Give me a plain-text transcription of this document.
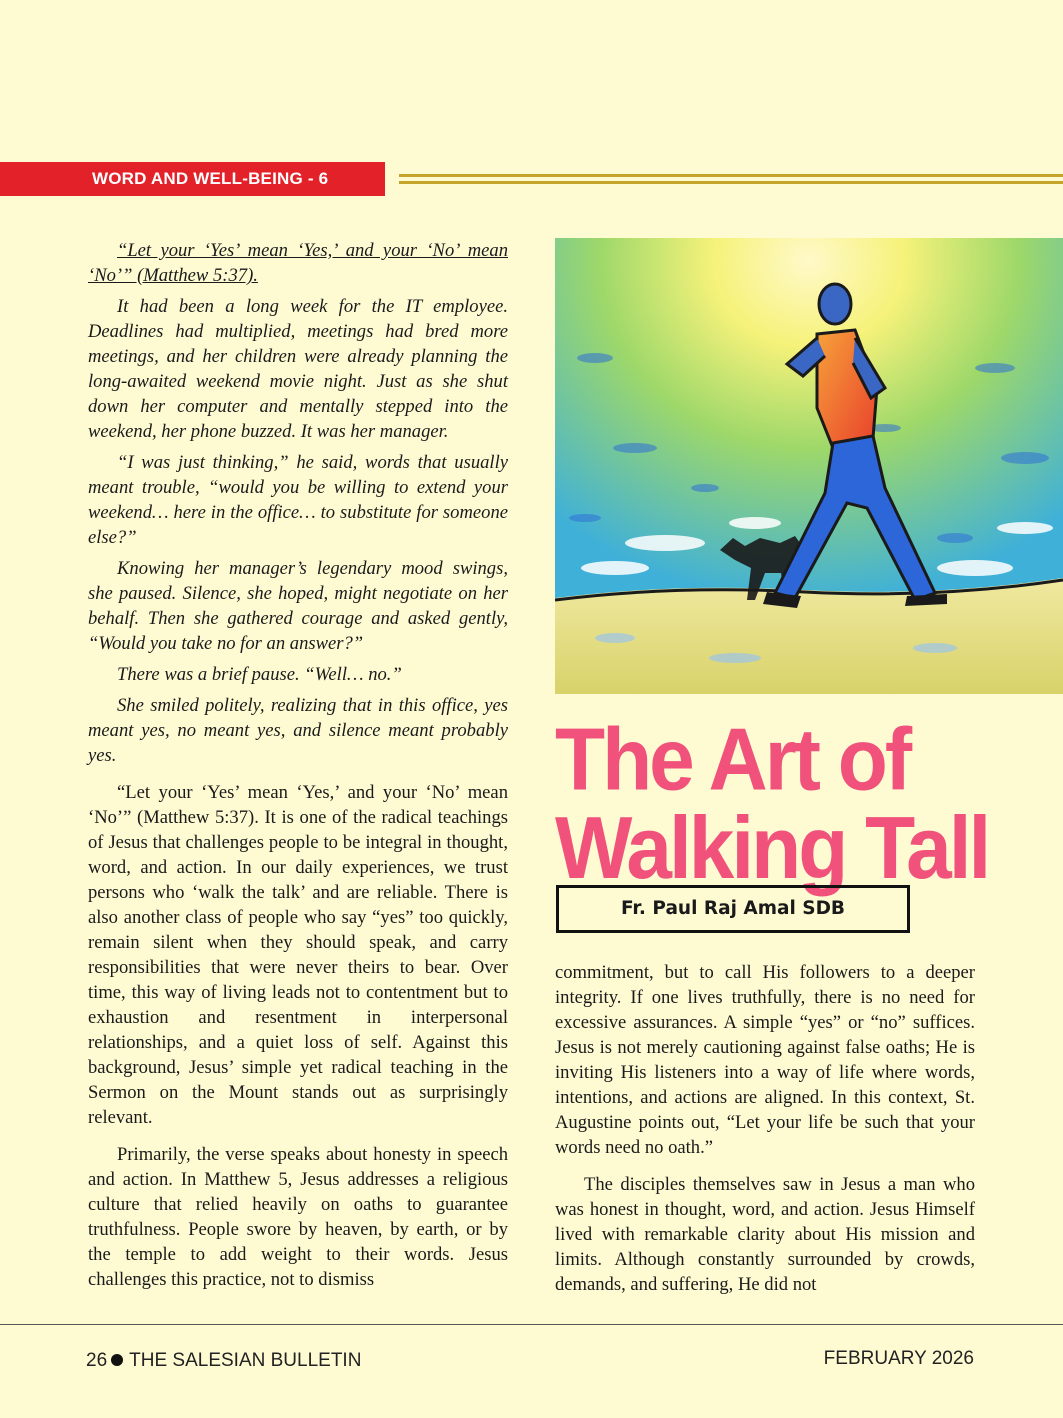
WORD AND WELL-BEING - 6

“Let your ‘Yes’ mean ‘Yes,’ and your ‘No’ mean ‘No’” (Matthew 5:37).

It had been a long week for the IT employee. Deadlines had multiplied, meetings had bred more meetings, and her children were already planning the long-awaited weekend movie night. Just as she shut down her computer and mentally stepped into the weekend, her phone buzzed. It was her manager.

“I was just thinking,” he said, words that usually meant trouble, “would you be willing to extend your weekend… here in the office… to substitute for someone else?”

Knowing her manager’s legendary mood swings, she paused. Silence, she hoped, might negotiate on her behalf. Then she gathered courage and asked gently, “Would you take no for an answer?”

There was a brief pause. “Well… no.”

She smiled politely, realizing that in this office, yes meant yes, no meant yes, and silence meant probably yes.

“Let your ‘Yes’ mean ‘Yes,’ and your ‘No’ mean ‘No’” (Matthew 5:37). It is one of the radical teachings of Jesus that challenges people to be integral in thought, word, and action. In our daily experiences, we trust persons who ‘walk the talk’ and are reliable. There is also another class of people who say “yes” too quickly, remain silent when they should speak, and carry responsibilities that were never theirs to bear. Over time, this way of living leads not to contentment but to exhaustion and resentment in interpersonal relationships, and a quiet loss of self. Against this background, Jesus’ simple yet radical teaching in the Sermon on the Mount stands out as surprisingly relevant.

Primarily, the verse speaks about honesty in speech and action. In Matthew 5, Jesus addresses a religious culture that relied heavily on oaths to guarantee truthfulness. People swore by heaven, by earth, or by the temple to add weight to their words. Jesus challenges this practice, not to dismiss

The Art of
Walking Tall
Fr. Paul Raj Amal SDB

commitment, but to call His followers to a deeper integrity. If one lives truthfully, there is no need for excessive assurances. A simple “yes” or “no” suffices. Jesus is not merely cautioning against false oaths; He is inviting His listeners into a way of life where words, intentions, and actions are aligned. In this context, St. Augustine points out, “Let your life be such that your words need no oath.”

The disciples themselves saw in Jesus a man who was honest in thought, word, and action. Jesus Himself lived with remarkable clarity about His mission and limits. Although constantly surrounded by crowds, demands, and suffering, He did not

26 THE SALESIAN BULLETIN	FEBRUARY 2026
